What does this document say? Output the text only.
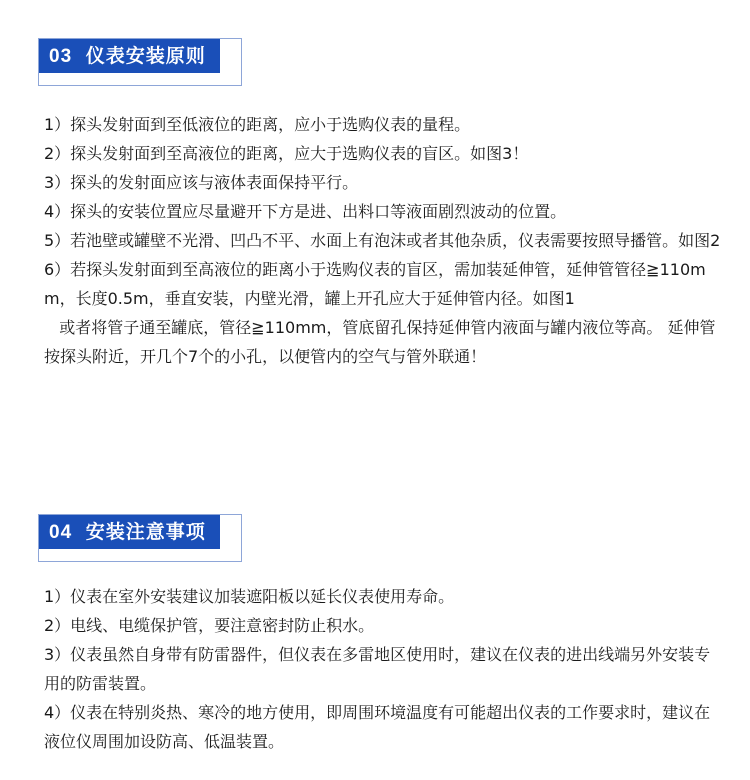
03 仪表安装原则

1）探头发射面到至低液位的距离，应小于选购仪表的量程。

2）探头发射面到至高液位的距离，应大于选购仪表的盲区。如图3！

3）探头的发射面应该与液体表面保持平行。

4）探头的安装位置应尽量避开下方是进、出料口等液面剧烈波动的位置。

5）若池壁或罐壁不光滑、凹凸不平、水面上有泡沫或者其他杂质，仪表需要按照导播管。如图2

6）若探头发射面到至高液位的距离小于选购仪表的盲区，需加装延伸管，延伸管管径≧110mm，长度0.5m，垂直安装，内壁光滑，罐上开孔应大于延伸管内径。如图1

或者将管子通至罐底，管径≧110mm，管底留孔保持延伸管内液面与罐内液位等高。 延伸管按探头附近，开几个7个的小孔，以便管内的空气与管外联通！

04 安装注意事项

1）仪表在室外安装建议加装遮阳板以延长仪表使用寿命。

2）电线、电缆保护管，要注意密封防止积水。

3）仪表虽然自身带有防雷器件，但仪表在多雷地区使用时，建议在仪表的进出线端另外安装专用的防雷装置。

4）仪表在特别炎热、寒冷的地方使用，即周围环境温度有可能超出仪表的工作要求时，建议在液位仪周围加设防高、低温装置。
